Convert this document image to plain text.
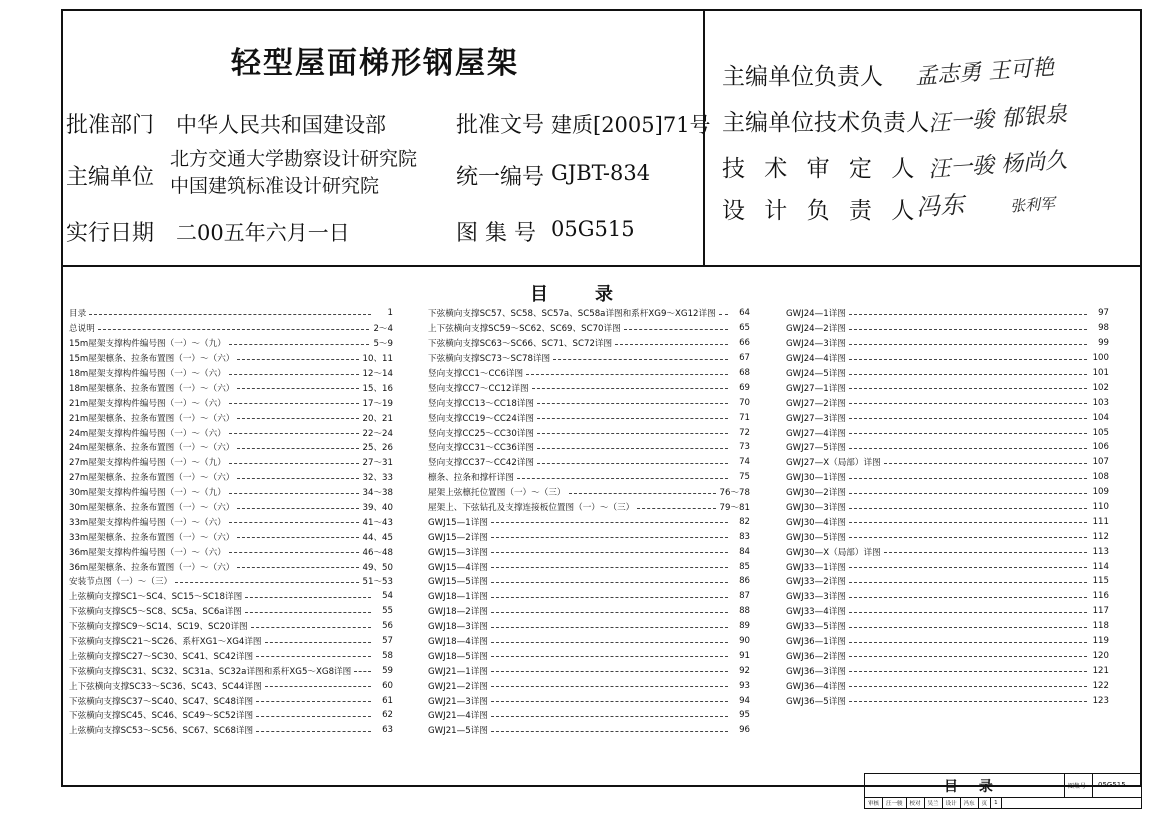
轻型屋面梯形钢屋架
批准部门 中华人民共和国建设部	批准文号 建质[2005]71号
主编单位
北方交通大学勘察设计研究院
中国建筑标准设计研究院	统一编号 GJBT-834
实行日期 二00五年六月一日	图 集 号 05G515
主编单位负责人 孟志勇 王可艳
主编单位技术负责人
汪一骏 郁银泉
技 术 审 定 人 汪一骏 杨尚久
设 计 负 责 人
冯东	张利军
目	录
目录	1
总说明	2～4
15m屋架支撑构件编号图（一）～（九）	5～9
15m屋架檩条、拉条布置图（一）～（六）	10、11
18m屋架支撑构件编号图（一）～（六）	12～14
18m屋架檩条、拉条布置图（一）～（六）	15、16
21m屋架支撑构件编号图（一）～（六）	17～19
21m屋架檩条、拉条布置图（一）～（六）	20、21
24m屋架支撑构件编号图（一）～（六）	22～24
24m屋架檩条、拉条布置图（一）～（六）	25、26
27m屋架支撑构件编号图（一）～（九）	27～31
27m屋架檩条、拉条布置图（一）～（六）	32、33
30m屋架支撑构件编号图（一）～（九）	34～38
30m屋架檩条、拉条布置图（一）～（六）	39、40
33m屋架支撑构件编号图（一）～（六）	41～43
33m屋架檩条、拉条布置图（一）～（六）	44、45
36m屋架支撑构件编号图（一）～（六）	46～48
36m屋架檩条、拉条布置图（一）～（六）	49、50
安装节点图（一）～（三）	51～53
上弦横向支撑SC1～SC4、SC15～SC18详图	54
下弦横向支撑SC5～SC8、SC5a、SC6a详图	55
下弦横向支撑SC9～SC14、SC19、SC20详图	56
下弦横向支撑SC21～SC26、系杆XG1～XG4详图	57
上弦横向支撑SC27～SC30、SC41、SC42详图	58
下弦横向支撑SC31、SC32、SC31a、SC32a详图和系杆XG5～XG8详图	59
上下弦横向支撑SC33～SC36、SC43、SC44详图	60
下弦横向支撑SC37～SC40、SC47、SC48详图	61
下弦横向支撑SC45、SC46、SC49～SC52详图	62
上弦横向支撑SC53～SC56、SC67、SC68详图	63
下弦横向支撑SC57、SC58、SC57a、SC58a详图和系杆XG9～XG12详图	64
上下弦横向支撑SC59～SC62、SC69、SC70详图	65
下弦横向支撑SC63～SC66、SC71、SC72详图	66
下弦横向支撑SC73～SC78详图	67
竖向支撑CC1～CC6详图	68
竖向支撑CC7～CC12详图	69
竖向支撑CC13～CC18详图	70
竖向支撑CC19～CC24详图	71
竖向支撑CC25～CC30详图	72
竖向支撑CC31～CC36详图	73
竖向支撑CC37～CC42详图	74
檩条、拉条和撑杆详图	75
屋架上弦檩托位置图（一）～（三）	76～78
屋架上、下弦钻孔及支撑连接板位置图（一）～（三）	79～81
GWJ15—1详图	82
GWJ15—2详图	83
GWJ15—3详图	84
GWJ15—4详图	85
GWJ15—5详图	86
GWJ18—1详图	87
GWJ18—2详图	88
GWJ18—3详图	89
GWJ18—4详图	90
GWJ18—5详图	91
GWJ21—1详图	92
GWJ21—2详图	93
GWJ21—3详图	94
GWJ21—4详图	95
GWJ21—5详图	96
GWJ24—1详图	97
GWJ24—2详图	98
GWJ24—3详图	99
GWJ24—4详图	100
GWJ24—5详图	101
GWJ27—1详图	102
GWJ27—2详图	103
GWJ27—3详图	104
GWJ27—4详图	105
GWJ27—5详图	106
GWJ27—X（局部）详图	107
GWJ30—1详图	108
GWJ30—2详图	109
GWJ30—3详图	110
GWJ30—4详图	111
GWJ30—5详图	112
GWJ30—X（局部）详图	113
GWJ33—1详图	114
GWJ33—2详图	115
GWJ33—3详图	116
GWJ33—4详图	117
GWJ33—5详图	118
GWJ36—1详图	119
GWJ36—2详图	120
GWJ36—3详图	121
GWJ36—4详图	122
GWJ36—5详图	123
目 录	图集号 05G515
审核	汪一骏	校对	吴兰	设计	冯东	页	1
